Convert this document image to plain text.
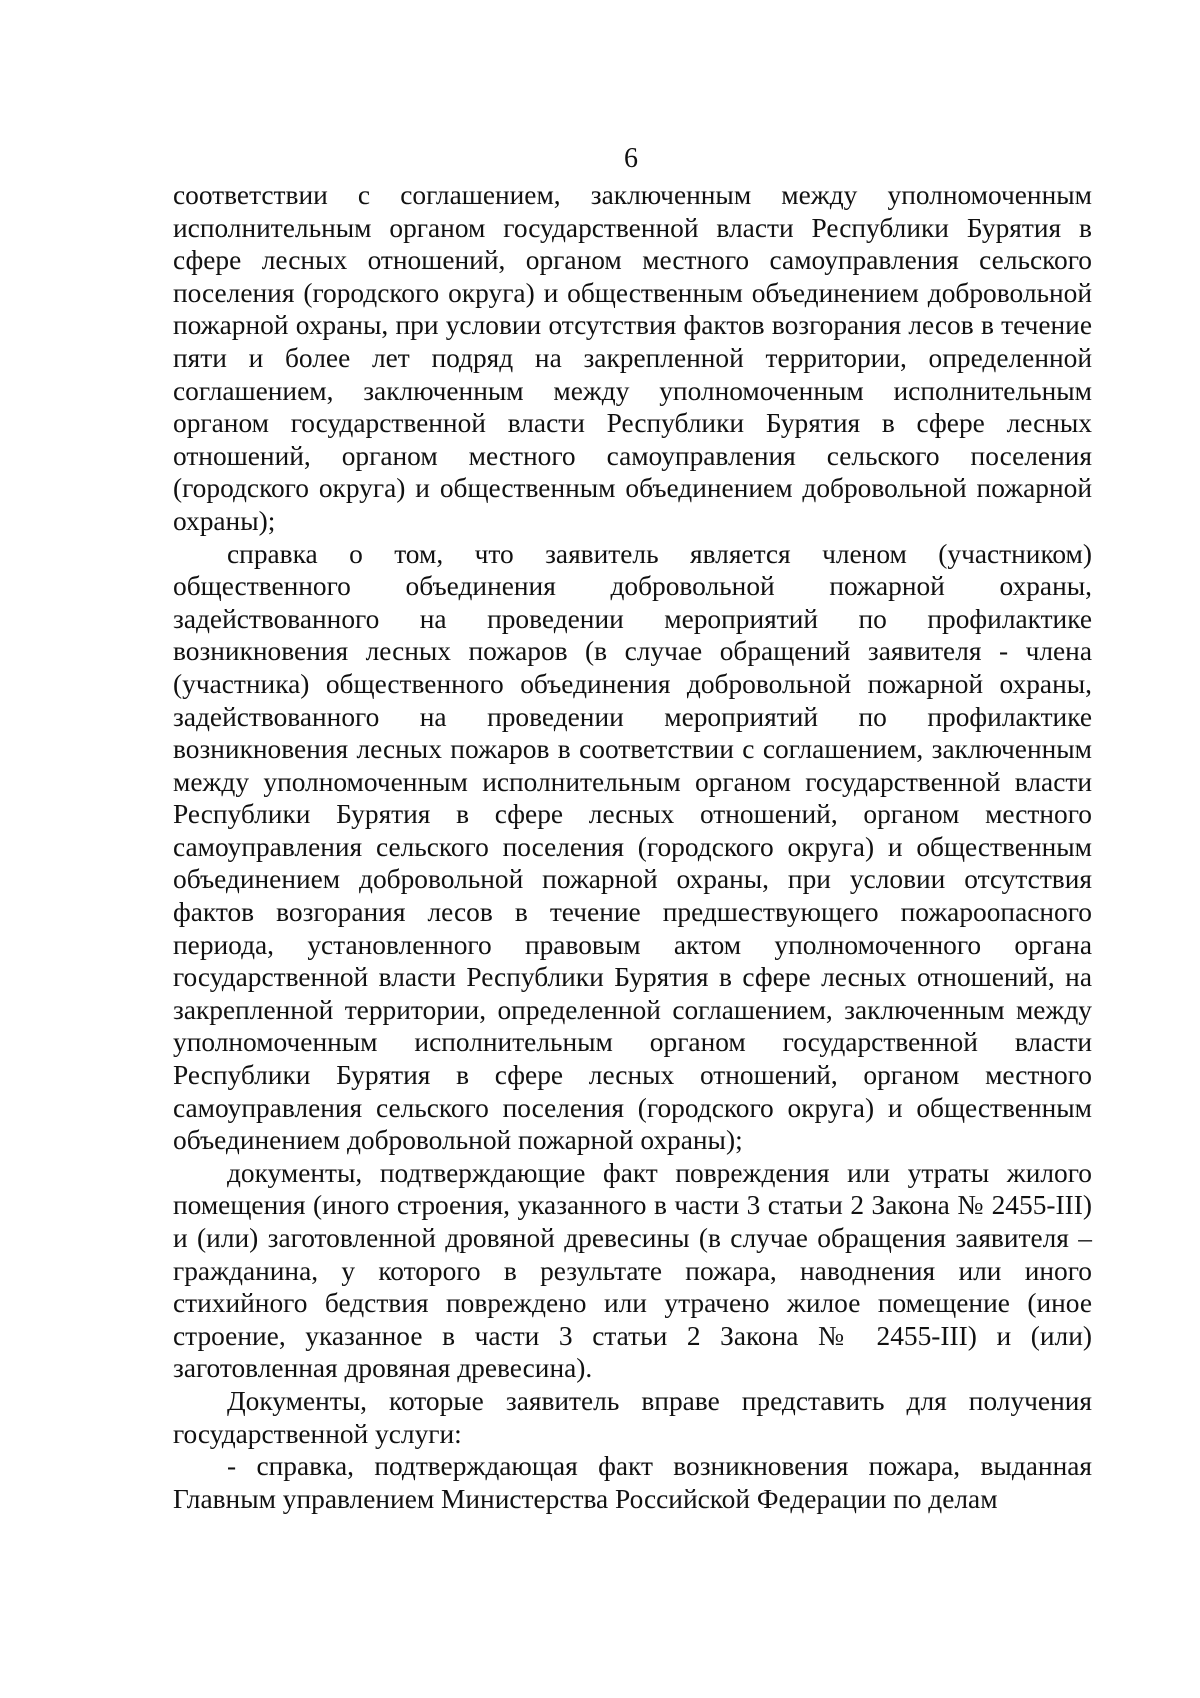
6

соответствии с соглашением, заключенным между уполномоченным исполнительным органом государственной власти Республики Бурятия в сфере лесных отношений, органом местного самоуправления сельского поселения (городского округа) и общественным объединением добровольной пожарной охраны, при условии отсутствия фактов возгорания лесов в течение пяти и более лет подряд на закрепленной территории, определенной соглашением, заключенным между уполномоченным исполнительным органом государственной власти Республики Бурятия в сфере лесных отношений, органом местного самоуправления сельского поселения (городского округа) и общественным объединением добровольной пожарной охраны);

справка о том, что заявитель является членом (участником) общественного объединения добровольной пожарной охраны, задействованного на проведении мероприятий по профилактике возникновения лесных пожаров (в случае обращений заявителя - члена (участника) общественного объединения добровольной пожарной охраны, задействованного на проведении мероприятий по профилактике возникновения лесных пожаров в соответствии с соглашением, заключенным между уполномоченным исполнительным органом государственной власти Республики Бурятия в сфере лесных отношений, органом местного самоуправления сельского поселения (городского округа) и общественным объединением добровольной пожарной охраны, при условии отсутствия фактов возгорания лесов в течение предшествующего пожароопасного периода, установленного правовым актом уполномоченного органа государственной власти Республики Бурятия в сфере лесных отношений, на закрепленной территории, определенной соглашением, заключенным между уполномоченным исполнительным органом государственной власти Республики Бурятия в сфере лесных отношений, органом местного самоуправления сельского поселения (городского округа) и общественным объединением добровольной пожарной охраны);

документы, подтверждающие факт повреждения или утраты жилого помещения (иного строения, указанного в части 3 статьи 2 Закона № 2455-III) и (или) заготовленной дровяной древесины (в случае обращения заявителя – гражданина, у которого в результате пожара, наводнения или иного стихийного бедствия повреждено или утрачено жилое помещение (иное строение, указанное в части 3 статьи 2 Закона № 2455-III) и (или) заготовленная дровяная древесина).

Документы, которые заявитель вправе представить для получения государственной услуги:

- справка, подтверждающая факт возникновения пожара, выданная Главным управлением Министерства Российской Федерации по делам
